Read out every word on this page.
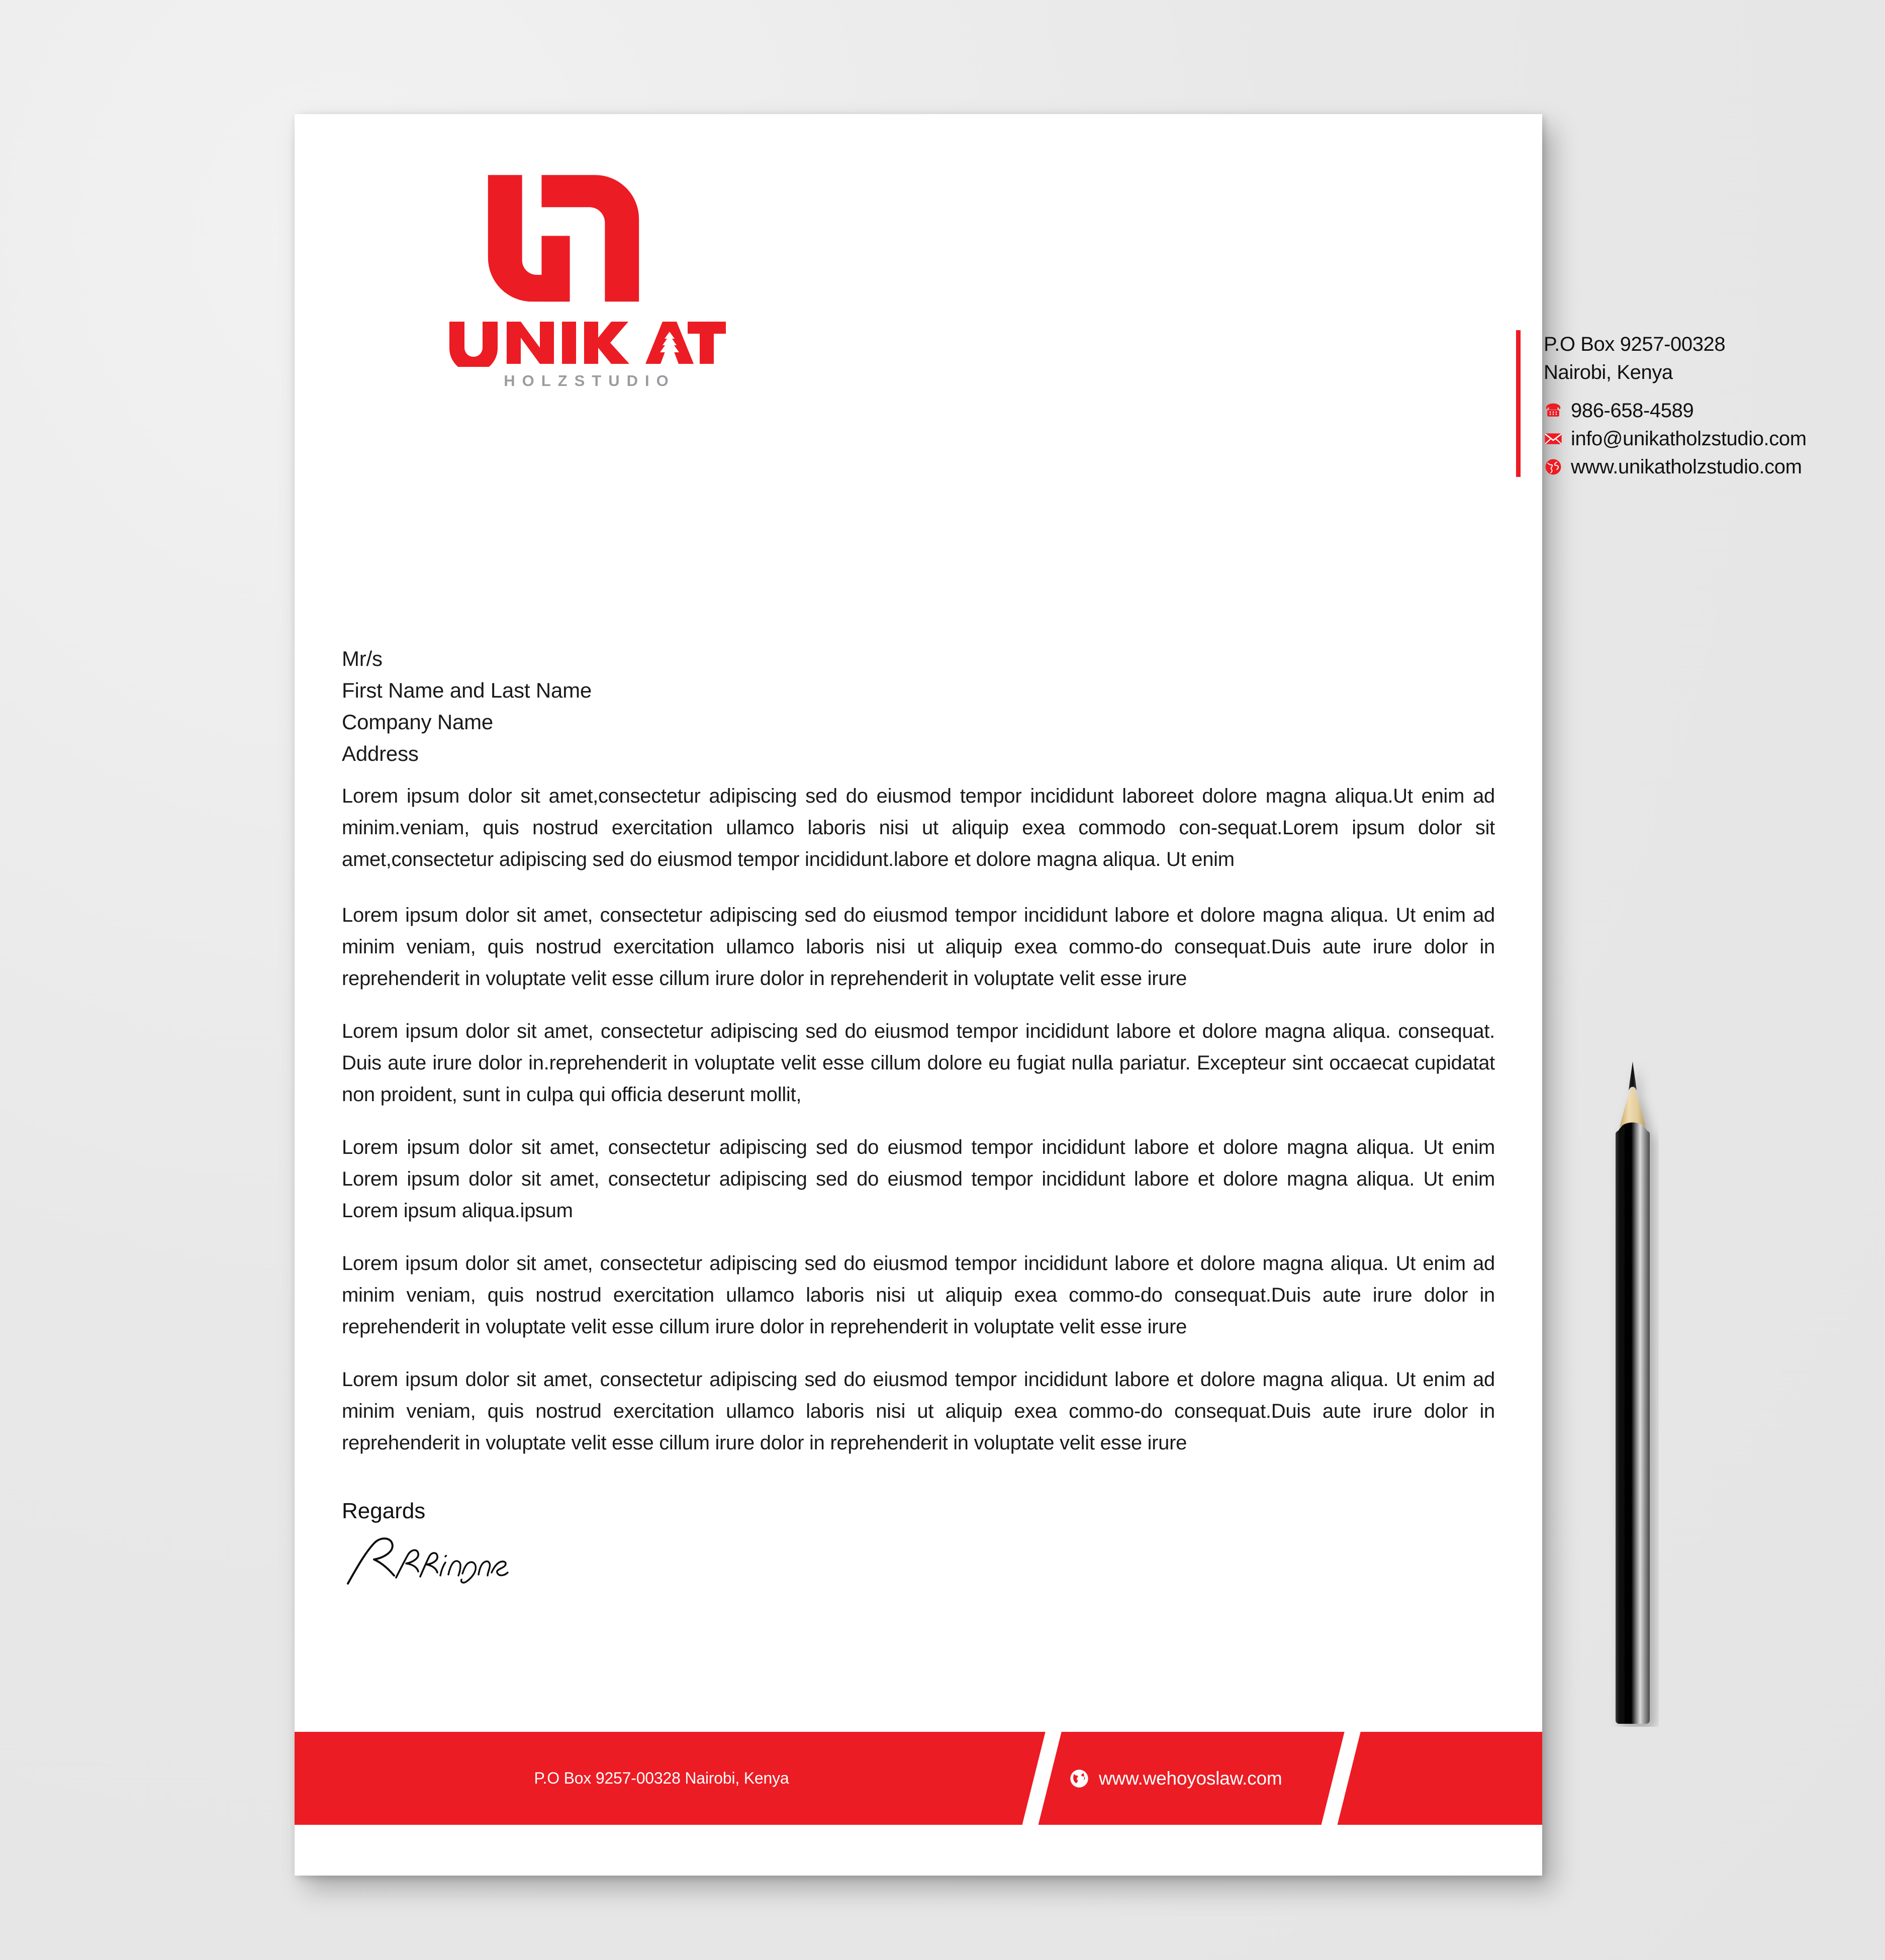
HOLZSTUDIO
P.O Box 9257-00328
Nairobi, Kenya
986-658-4589
info@unikatholzstudio.com
www.unikatholzstudio.com
Mr/s
First Name and Last Name
Company Name
Address

Lorem ipsum dolor sit amet,consectetur adipiscing sed do eiusmod tempor incididunt laboreet dolore magna aliqua.Ut enim ad minim.veniam, quis nostrud exercitation ullamco laboris nisi ut aliquip exea commodo con-sequat.Lorem ipsum dolor sit amet,consectetur adipiscing sed do eiusmod tempor incididunt.labore et dolore magna aliqua. Ut enim

Lorem ipsum dolor sit amet, consectetur adipiscing sed do eiusmod tempor incididunt labore et dolore magna aliqua. Ut enim ad minim veniam, quis nostrud exercitation ullamco laboris nisi ut aliquip exea commo-do consequat.Duis aute irure dolor in reprehenderit in voluptate velit esse cillum irure dolor in reprehenderit in voluptate velit esse irure

Lorem ipsum dolor sit amet, consectetur adipiscing sed do eiusmod tempor incididunt labore et dolore magna aliqua. consequat. Duis aute irure dolor in.reprehenderit in voluptate velit esse cillum dolore eu fugiat nulla pariatur. Excepteur sint occaecat cupidatat non proident, sunt in culpa qui officia deserunt mollit,

Lorem ipsum dolor sit amet, consectetur adipiscing sed do eiusmod tempor incididunt labore et dolore magna aliqua. Ut enim Lorem ipsum dolor sit amet, consectetur adipiscing sed do eiusmod tempor incididunt labore et dolore magna aliqua. Ut enim Lorem ipsum aliqua.ipsum

Lorem ipsum dolor sit amet, consectetur adipiscing sed do eiusmod tempor incididunt labore et dolore magna aliqua. Ut enim ad minim veniam, quis nostrud exercitation ullamco laboris nisi ut aliquip exea commo-do consequat.Duis aute irure dolor in reprehenderit in voluptate velit esse cillum irure dolor in reprehenderit in voluptate velit esse irure

Lorem ipsum dolor sit amet, consectetur adipiscing sed do eiusmod tempor incididunt labore et dolore magna aliqua. Ut enim ad minim veniam, quis nostrud exercitation ullamco laboris nisi ut aliquip exea commo-do consequat.Duis aute irure dolor in reprehenderit in voluptate velit esse cillum irure dolor in reprehenderit in voluptate velit esse irure

Regards
P.O Box 9257-00328 Nairobi, Kenya	www.wehoyoslaw.com
